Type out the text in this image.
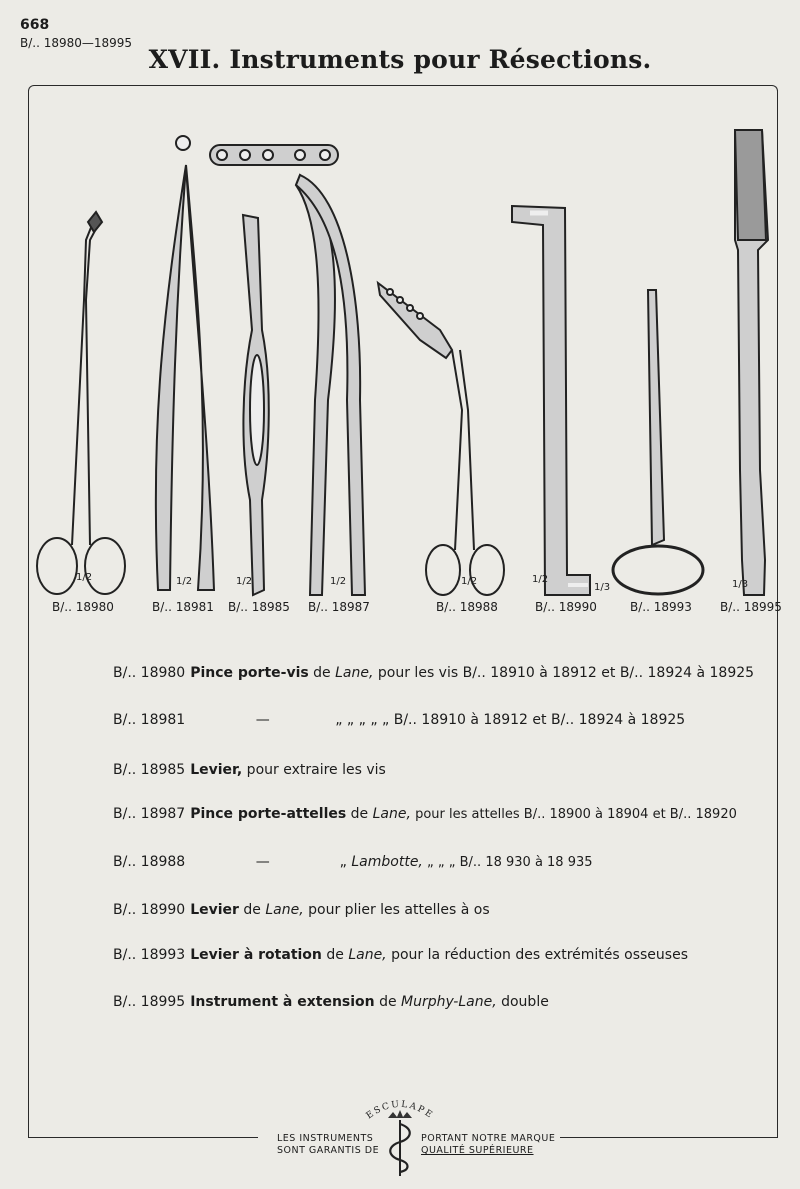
668
B/.. 18980—18995
XVII. Instruments pour Résections.
1/2	1/2	1/2	1/2	1/2	1/2
1/3	1/3
B/.. 18980	B/.. 18981 B/.. 18985 B/.. 18987	B/.. 18988	B/.. 18990	B/.. 18993 B/.. 18995
B/.. 18980 Pince porte-vis de Lane, pour les vis B/.. 18910 à 18912 et B/.. 18924 à 18925
B/.. 18981	—	„ „ „ „ „ B/.. 18910 à 18912 et B/.. 18924 à 18925
B/.. 18985 Levier, pour extraire les vis
B/.. 18987 Pince porte-attelles de Lane, pour les attelles B/.. 18900 à 18904 et B/.. 18920
B/.. 18988	—	„ Lambotte, „ „ „ B/.. 18 930 à 18 935
B/.. 18990 Levier de Lane, pour plier les attelles à os
B/.. 18993 Levier à rotation de Lane, pour la réduction des extrémités osseuses
B/.. 18995 Instrument à extension de Murphy-Lane, double
ESCULAPE
LES INSTRUMENTS
SONT GARANTIS DE
PORTANT NOTRE MARQUE
QUALITÉ SUPÉRIEURE
